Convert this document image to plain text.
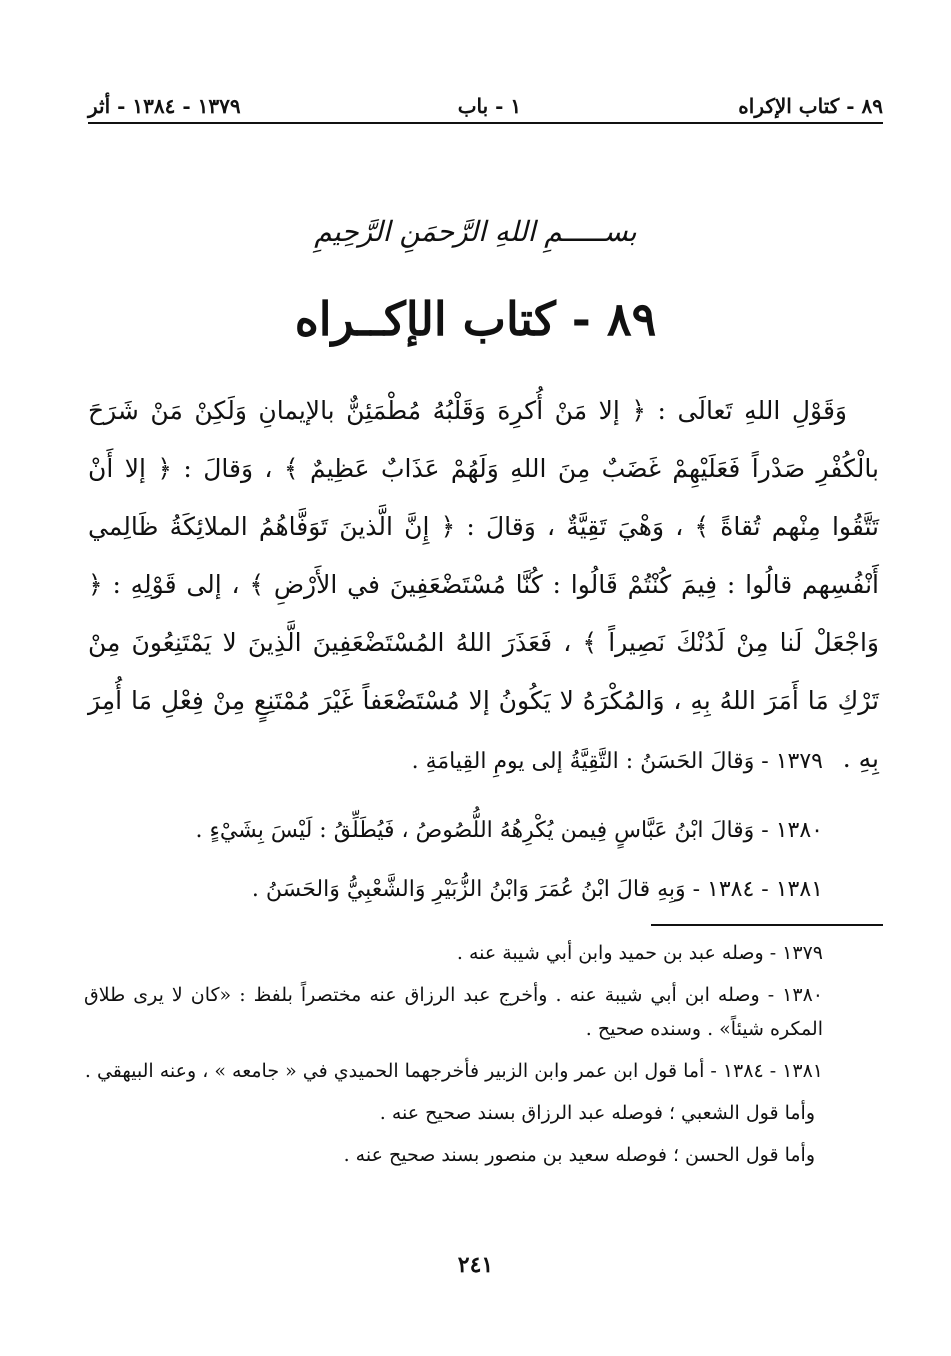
٨٩ - كتاب الإكراه
١ - باب
١٣٧٩ - ١٣٨٤ - أثر
بســـــمِ اللهِ الرَّحمَنِ الرَّحِيمِ
٨٩ - كتاب الإكــراه

وَقَوْلِ اللهِ تَعالَى : ﴿ إلا مَنْ أُكرِهَ وَقَلْبُهُ مُطْمَئِنٌّ بالإيمانِ وَلَكِنْ مَنْ شَرَحَ بالْكُفْرِ صَدْراً فَعَلَيْهِمْ غَضَبٌ مِنَ اللهِ وَلَهُمْ عَذَابٌ عَظِيمٌ ﴾ ، وَقالَ : ﴿ إلا أَنْ تَتَّقُوا مِنْهم تُقاةً ﴾ ، وَهْيَ تَقِيَّةٌ ، وَقالَ : ﴿ إِنَّ الَّذينَ تَوَفَّاهُمُ الملائِكَةُ ظَالِمي أَنْفُسِهم قالُوا : فِيمَ كُنْتُمْ قَالُوا : كُنَّا مُسْتَضْعَفِينَ في الأَرْضِ ﴾ ، إلى قَوْلِهِ : ﴿ وَاجْعَلْ لَنا مِنْ لَدُنْكَ نَصِيراً ﴾ ، فَعَذَرَ اللهُ المُسْتَضْعَفِينَ الَّذِينَ لا يَمْتَنِعُونَ مِنْ تَرْكِ مَا أَمَرَ اللهُ بِهِ ، وَالمُكْرَهُ لا يَكُونُ إلا مُسْتَضْعَفاً غَيْرَ مُمْتَنِعٍ مِنْ فِعْلِ مَا أُمِرَ بِهِ .

١٣٧٩ - وَقالَ الحَسَنُ : التَّقِيَّةُ إلى يومِ القِيامَةِ .
١٣٨٠ - وَقالَ ابْنُ عَبَّاسٍ فِيمن يُكْرِهُهُ اللُّصُوصُ ، فَيُطَلِّقُ : لَيْسَ بِشَيْءٍ .
١٣٨١ - ١٣٨٤ - وَبِهِ قالَ ابْنُ عُمَرَ وَابْنُ الزُّبَيْرِ وَالشَّعْبِيُّ وَالحَسَنُ .

١٣٧٩ - وصله عبد بن حميد وابن أبي شيبة عنه .

١٣٨٠ - وصله ابن أبي شيبة عنه . وأخرج عبد الرزاق عنه مختصراً بلفظ : «كان لا يرى طلاق المكره شيئاً» . وسنده صحيح .

١٣٨١ - ١٣٨٤ - أما قول ابن عمر وابن الزبير فأخرجهما الحميدي في « جامعه » ، وعنه البيهقي .

وأما قول الشعبي ؛ فوصله عبد الرزاق بسند صحيح عنه .

وأما قول الحسن ؛ فوصله سعيد بن منصور بسند صحيح عنه .

٢٤١
